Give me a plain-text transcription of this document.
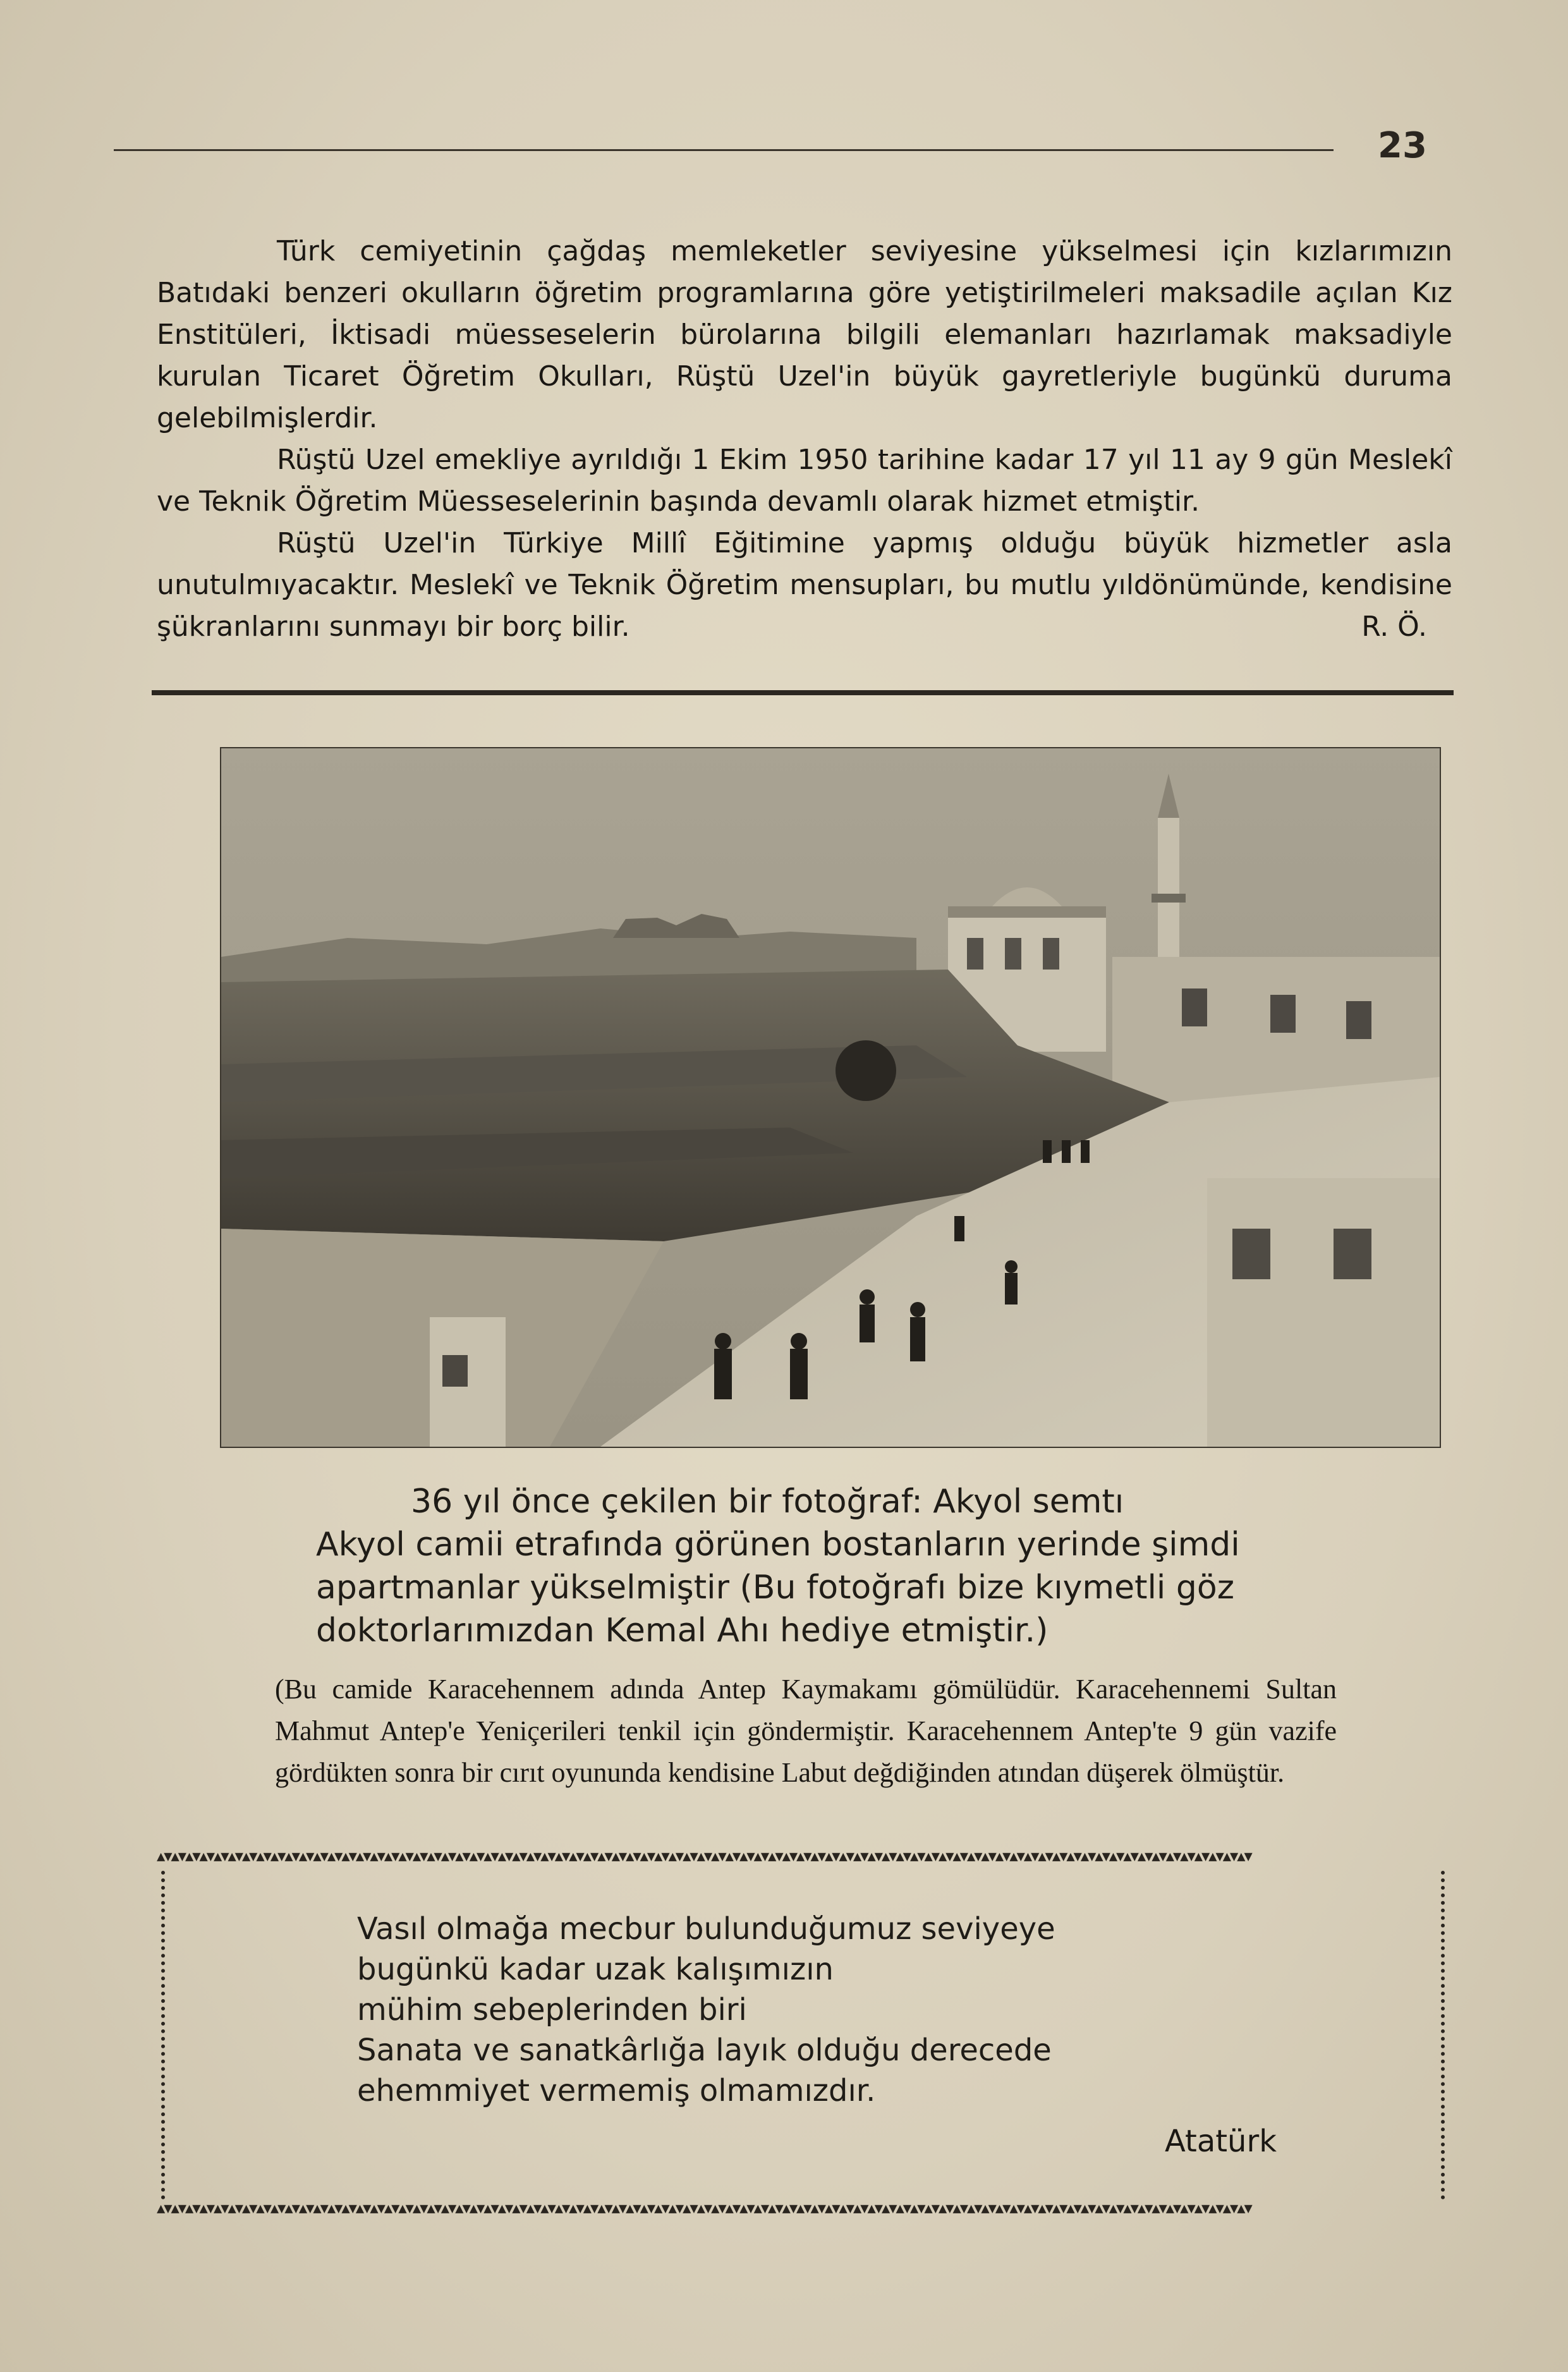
23

Türk cemiyetinin çağdaş memleketler seviyesine yükselmesi için kızlarımızın Batıdaki benzeri okulların öğretim programlarına göre yetiştirilmeleri maksadile açılan Kız Enstitüleri, İktisadi müesseselerin bürolarına bilgili elemanları hazırlamak maksadiyle kurulan Ticaret Öğretim Okulları, Rüştü Uzel'in büyük gayretleriyle bugünkü duruma gelebilmişlerdir.

Rüştü Uzel emekliye ayrıldığı 1 Ekim 1950 tarihine kadar 17 yıl 11 ay 9 gün Meslekî ve Teknik Öğretim Müesseselerinin başında devamlı olarak hizmet etmiştir.

Rüştü Uzel'in Türkiye Millî Eğitimine yapmış olduğu büyük hizmetler asla unutulmıyacaktır. Meslekî ve Teknik Öğretim mensupları, bu mutlu yıldönümünde, kendisine şükranlarını sunmayı bir borç bilir.	R. Ö.

36 yıl önce çekilen bir fotoğraf: Akyol semtı
Akyol camii etrafında görünen bostanların yerinde şimdi
apartmanlar yükselmiştir (Bu fotoğrafı bize kıymetli göz
doktorlarımızdan Kemal Ahı hediye etmiştir.)
(Bu camide Karacehennem adında Antep Kaymakamı gömülüdür. Karacehennemi Sultan Mahmut Antep'e Yeniçerileri tenkil için göndermiştir. Karacehennem Antep'te 9 gün vazife gördükten sonra bir cırıt oyununda kendisine Labut değdiğinden atından düşerek ölmüştür.
▲▼▲▼▲▼▲▼▲▼▲▼▲▼▲▼▲▼▲▼▲▼▲▼▲▼▲▼▲▼▲▼▲▼▲▼▲▼▲▼▲▼▲▼▲▼▲▼▲▼▲▼▲▼▲▼▲▼▲▼▲▼▲▼▲▼▲▼▲▼▲▼▲▼▲▼▲▼▲▼▲▼▲▼▲▼▲▼▲▼▲▼▲▼▲▼▲▼▲▼▲▼▲▼▲▼▲▼▲▼▲▼▲▼▲▼▲▼▲▼▲▼▲▼▲▼▲▼▲▼▲▼▲▼▲▼▲▼▲▼▲▼▲▼▲▼▲▼▲▼▲▼▲▼
▲▼▲▼▲▼▲▼▲▼▲▼▲▼▲▼▲▼▲▼▲▼▲▼▲▼▲▼▲▼▲▼▲▼▲▼▲▼▲▼▲▼▲▼▲▼▲▼▲▼▲▼▲▼▲▼▲▼▲▼▲▼▲▼▲▼▲▼▲▼▲▼▲▼▲▼▲▼▲▼▲▼▲▼▲▼▲▼▲▼▲▼▲▼▲▼▲▼▲▼▲▼▲▼▲▼▲▼▲▼▲▼▲▼▲▼▲▼▲▼▲▼▲▼▲▼▲▼▲▼▲▼▲▼▲▼▲▼▲▼▲▼▲▼▲▼▲▼▲▼▲▼▲▼
Vasıl olmağa mecbur bulunduğumuz seviyeye
bugünkü kadar uzak kalışımızın
mühim sebeplerinden biri
Sanata ve sanatkârlığa layık olduğu derecede
ehemmiyet vermemiş olmamızdır.
Atatürk
